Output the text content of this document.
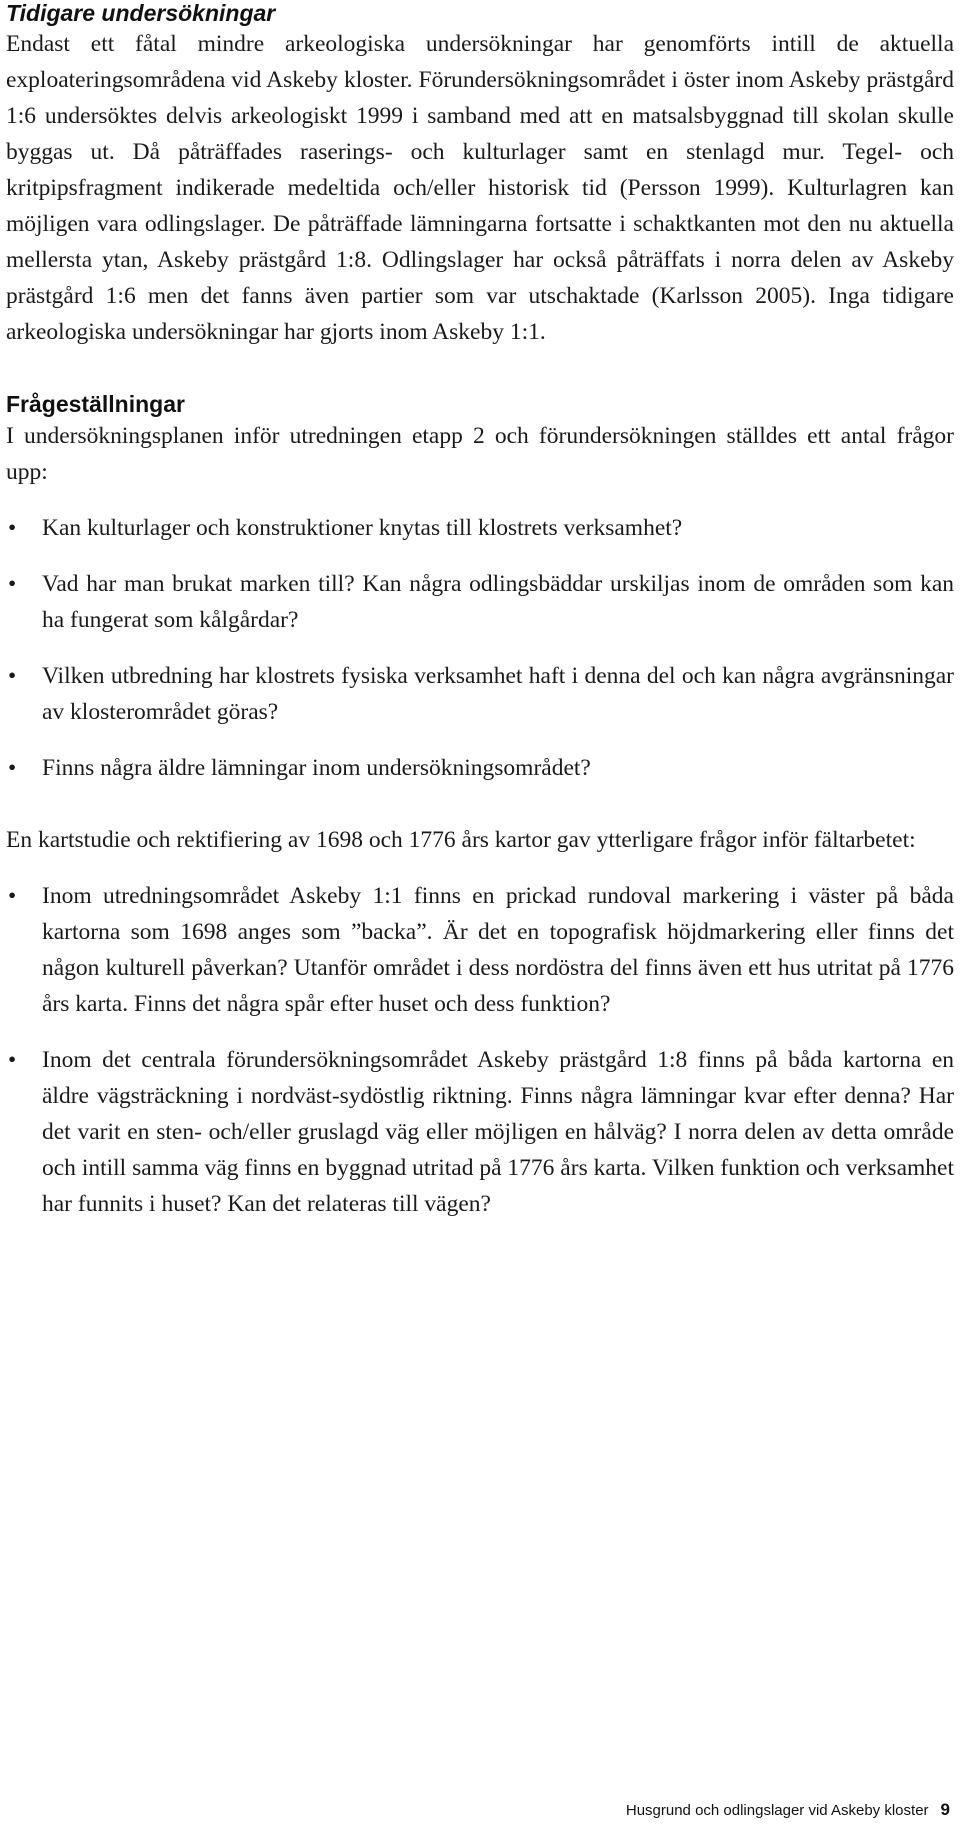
Tidigare undersökningar

Endast ett fåtal mindre arkeologiska undersökningar har genomförts intill de aktuella exploateringsområdena vid Askeby kloster. Förundersökningsområdet i öster inom Askeby prästgård 1:6 undersöktes delvis arkeologiskt 1999 i samband med att en matsalsbyggnad till skolan skulle byggas ut. Då påträffades raserings- och kulturlager samt en stenlagd mur. Tegel- och kritpipsfragment indikerade medeltida och/eller historisk tid (Persson 1999). Kulturlagren kan möjligen vara odlingslager. De påträffade lämningarna fortsatte i schaktkanten mot den nu aktuella mellersta ytan, Askeby prästgård 1:8. Odlingslager har också påträffats i norra delen av Askeby prästgård 1:6 men det fanns även partier som var utschaktade (Karlsson 2005). Inga tidigare arkeologiska undersökningar har gjorts inom Askeby 1:1.

Frågeställningar

I undersökningsplanen inför utredningen etapp 2 och förundersökningen ställdes ett antal frågor upp:

• Kan kulturlager och konstruktioner knytas till klostrets verksamhet?
• Vad har man brukat marken till? Kan några odlingsbäddar urskiljas inom de områden som kan ha fungerat som kålgårdar?
• Vilken utbredning har klostrets fysiska verksamhet haft i denna del och kan några avgränsningar av klosterområdet göras?
• Finns några äldre lämningar inom undersökningsområdet?

En kartstudie och rektifiering av 1698 och 1776 års kartor gav ytterligare frågor inför fältarbetet:

• Inom utredningsområdet Askeby 1:1 finns en prickad rundoval markering i väster på båda kartorna som 1698 anges som ”backa”. Är det en topografisk höjdmarkering eller finns det någon kulturell påverkan? Utanför området i dess nordöstra del finns även ett hus utritat på 1776 års karta. Finns det några spår efter huset och dess funktion?
• Inom det centrala förundersökningsområdet Askeby prästgård 1:8 finns på båda kartorna en äldre vägsträckning i nordväst-sydöstlig riktning. Finns några lämningar kvar efter denna? Har det varit en sten- och/eller gruslagd väg eller möjligen en hålväg? I norra delen av detta område och intill samma väg finns en byggnad utritad på 1776 års karta. Vilken funktion och verksamhet har funnits i huset? Kan det relateras till vägen?
Husgrund och odlingslager vid Askeby kloster 9
